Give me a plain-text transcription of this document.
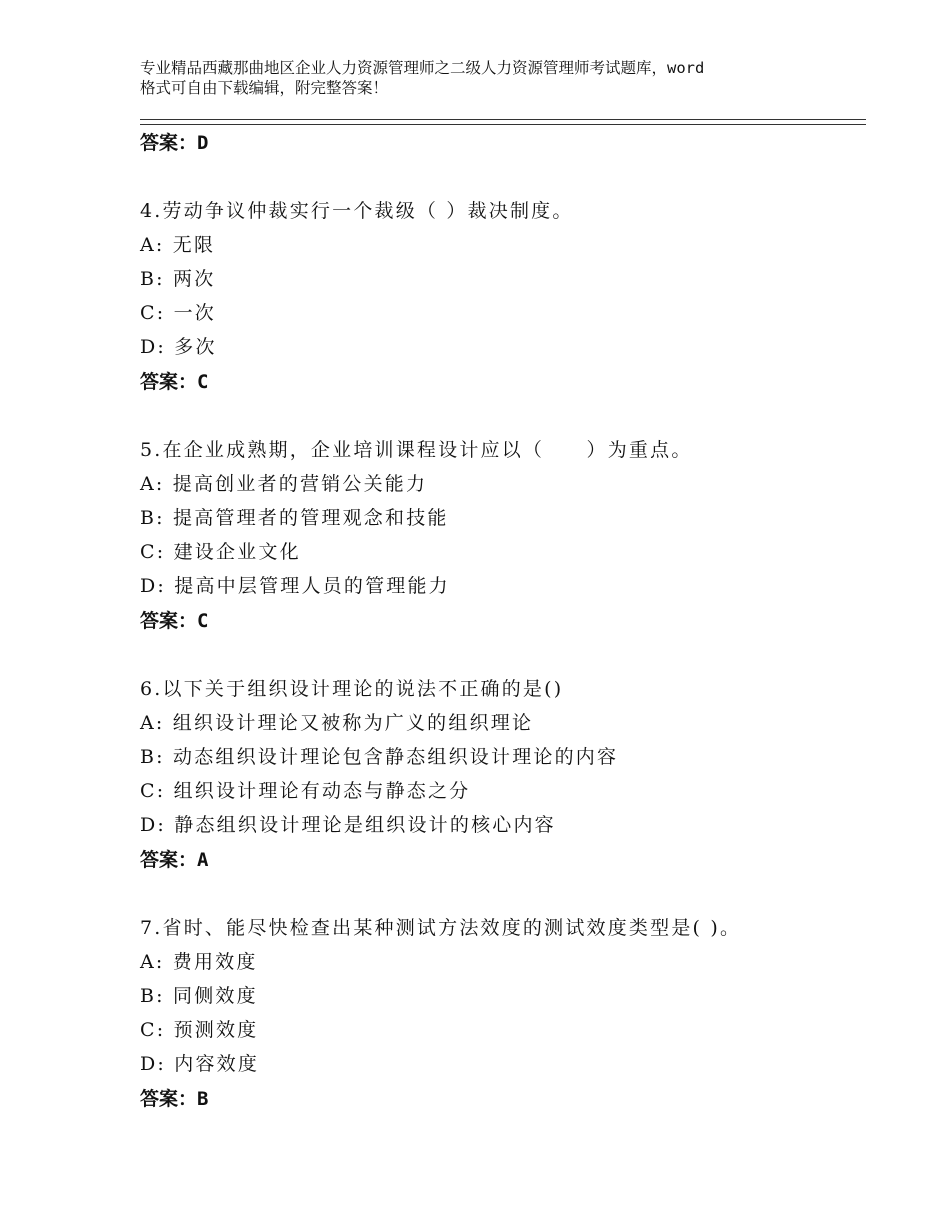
专业精品西藏那曲地区企业人力资源管理师之二级人力资源管理师考试题库，word
格式可自由下载编辑，附完整答案！
答案：D
4.劳动争议仲裁实行一个裁级（ ）裁决制度。
A: 无限
B: 两次
C: 一次
D: 多次
答案：C
5.在企业成熟期，企业培训课程设计应以（　　）为重点。
A: 提高创业者的营销公关能力
B: 提高管理者的管理观念和技能
C: 建设企业文化
D: 提高中层管理人员的管理能力
答案：C
6.以下关于组织设计理论的说法不正确的是()
A: 组织设计理论又被称为广义的组织理论
B: 动态组织设计理论包含静态组织设计理论的内容
C: 组织设计理论有动态与静态之分
D: 静态组织设计理论是组织设计的核心内容
答案：A
7.省时、能尽快检查出某种测试方法效度的测试效度类型是( )。
A: 费用效度
B: 同侧效度
C: 预测效度
D: 内容效度
答案：B
